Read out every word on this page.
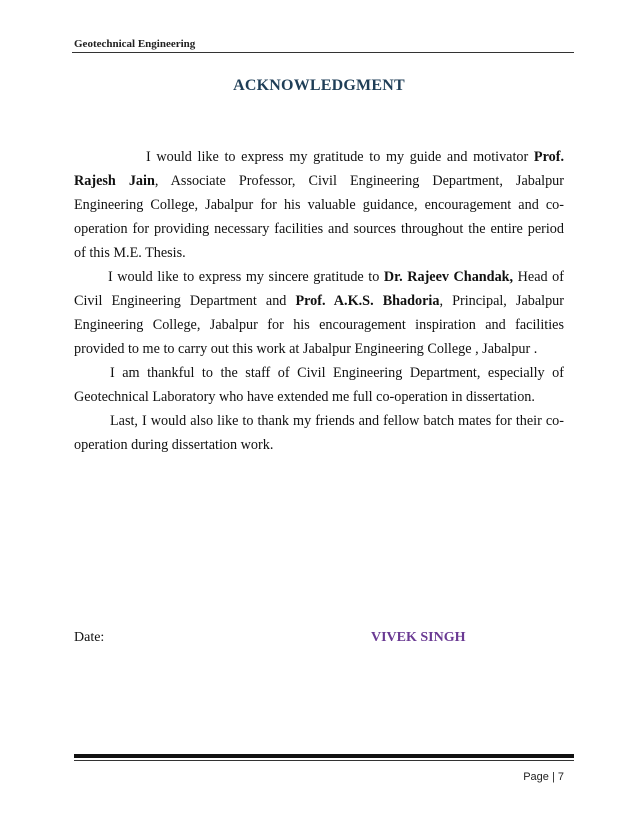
Geotechnical Engineering
ACKNOWLEDGMENT

I would like to express my gratitude to my guide and motivator Prof. Rajesh Jain, Associate Professor, Civil Engineering Department, Jabalpur Engineering College, Jabalpur for his valuable guidance, encouragement and co-operation for providing necessary facilities and sources throughout the entire period of this M.E. Thesis.

I would like to express my sincere gratitude to Dr. Rajeev Chandak, Head of Civil Engineering Department and Prof. A.K.S. Bhadoria, Principal, Jabalpur Engineering College, Jabalpur for his encouragement inspiration and facilities provided to me to carry out this work at Jabalpur Engineering College , Jabalpur .

I am thankful to the staff of Civil Engineering Department, especially of Geotechnical Laboratory who have extended me full co-operation in dissertation.

Last, I would also like to thank my friends and fellow batch mates for their co-operation during dissertation work.

Date:	VIVEK SINGH
Page | 7
